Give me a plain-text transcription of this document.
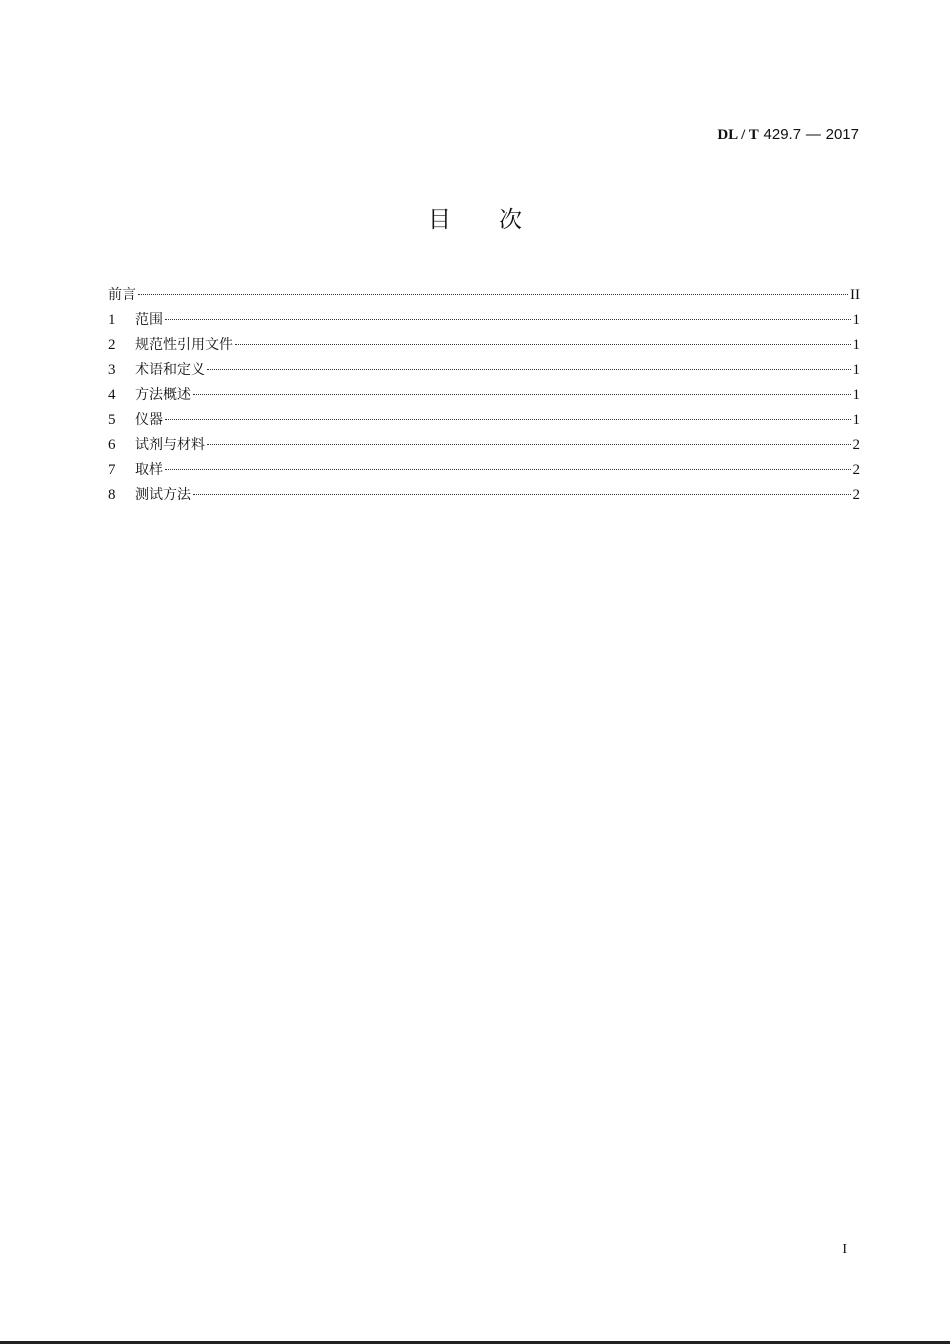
DL / T 429.7 — 2017
目 次
前言	II
1	范围	1
2	规范性引用文件	1
3	术语和定义	1
4	方法概述	1
5	仪器	1
6	试剂与材料	2
7	取样	2
8	测试方法	2
I
